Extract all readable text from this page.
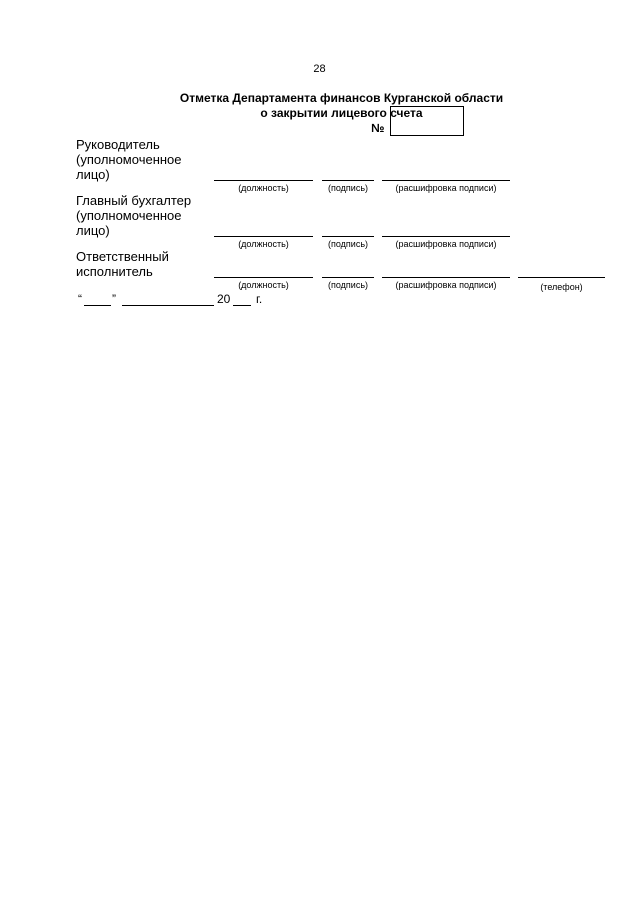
28
Отметка Департамента финансов Курганской области
о закрытии лицевого счета
№
Руководитель (уполномоченное лицо)
(должность)	(подпись)	(расшифровка подписи)
Главный бухгалтер (уполномоченное лицо)
(должность)	(подпись)	(расшифровка подписи)
Ответственный исполнитель
(должность)	(подпись)	(расшифровка подписи)	(телефон)
“	”	20 г.
